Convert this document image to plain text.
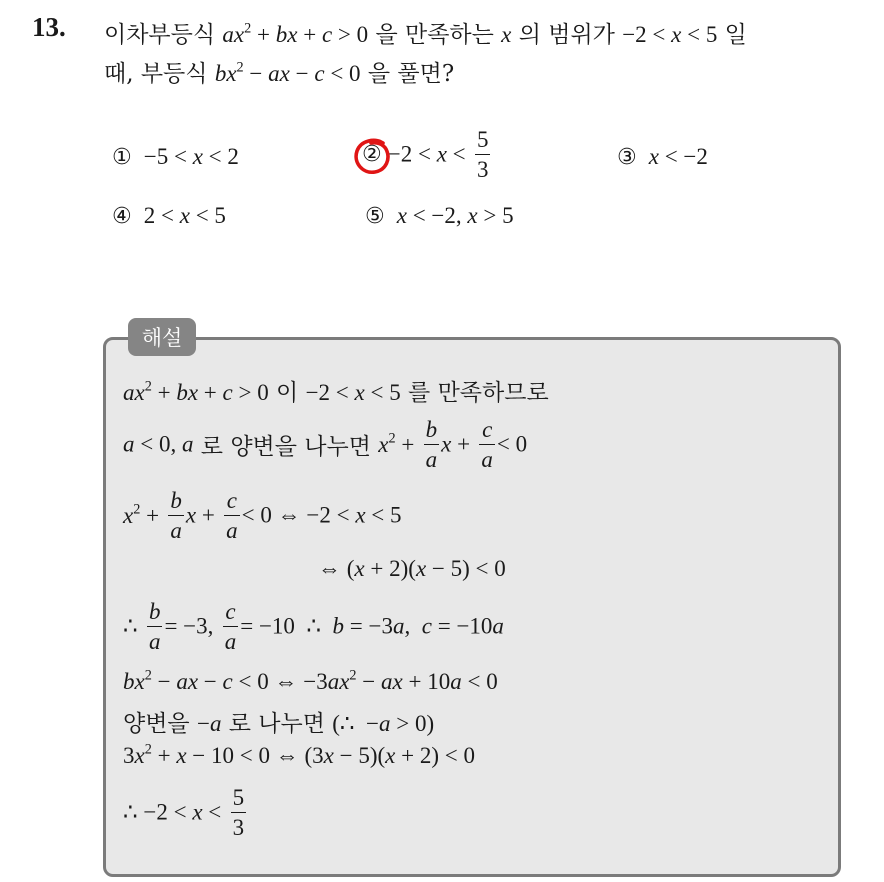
13. 이차부등식 $ax^2$ + bx + c > 0 을 만족하는 x 의 범위가 −2 < x < 5 일
때, 부등식 $bx^2$ − ax − c < 0 을 풀면?
① −5 < x < 2	② $-2 < x < \frac{5}{3}$	③ x < −2
④ 2 < x < 5	⑤ x < −2, x > 5
해설
$ax^2$ + bx + c > 0 이 −2 < x < 5 를 만족하므로
a < 0, a 로 양변을 나누면 $x^2 + \frac{b}{a}$ $x + \frac{c}{a} < 0$
$x^2 + \frac{b}{a}$ $x + \frac{c}{a} < 0$ ⇔ −2 < x < 5
⇔ (x + 2)(x − 5) < 0
∴ $\frac{b}{a} = -3$, $\frac{c}{a} = -10$  ∴  b = −3a,  c = −10a
$bx^2$ − ax − c < 0 ⇔ $-3ax^2$ − ax + 10a < 0
양변을 −a 로 나누면 (∴  −a > 0)
$3x^2 + x - 10 < 0$ ⇔ (3x − 5)(x + 2) < 0
∴ $-2 < x < \frac{5}{3}$
